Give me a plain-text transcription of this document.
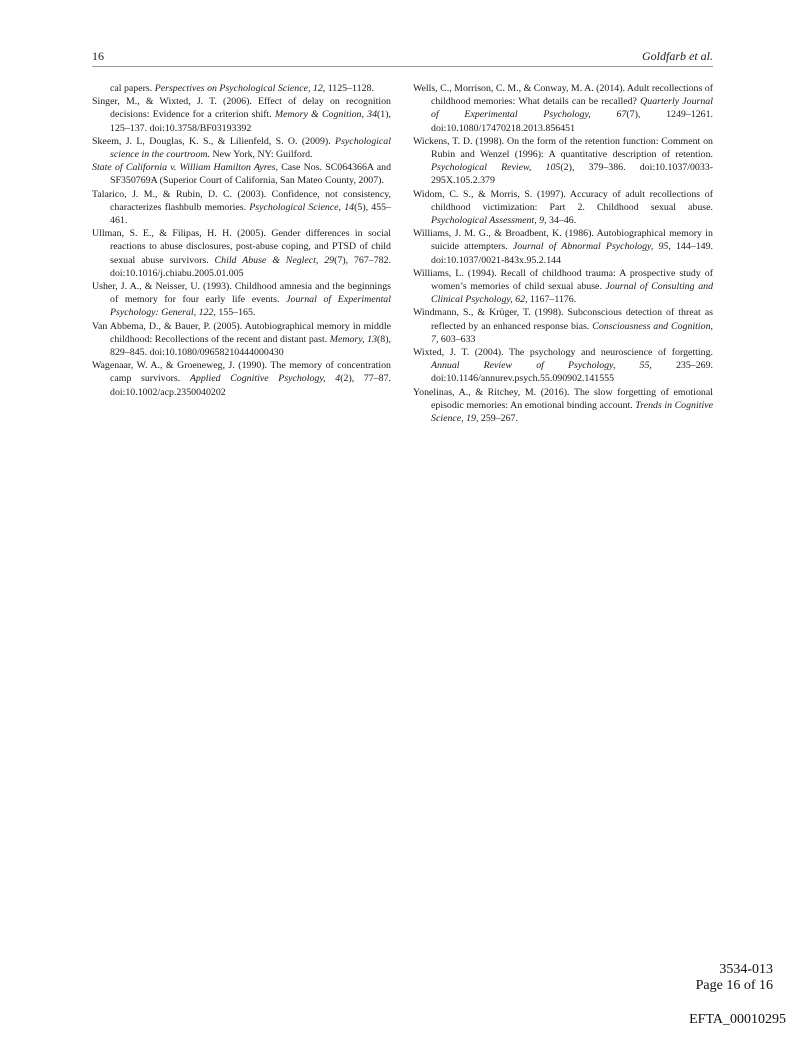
16	Goldfarb et al.
cal papers. Perspectives on Psychological Science, 12, 1125–1128.
Singer, M., & Wixted, J. T. (2006). Effect of delay on recognition decisions: Evidence for a criterion shift. Memory & Cognition, 34(1), 125–137. doi:10.3758/BF03193392
Skeem, J. L, Douglas, K. S., & Lilienfeld, S. O. (2009). Psychological science in the courtroom. New York, NY: Guilford.
State of California v. William Hamilton Ayres, Case Nos. SC064366A and SF350769A (Superior Court of California, San Mateo County, 2007).
Talarico, J. M., & Rubin, D. C. (2003). Confidence, not consistency, characterizes flashbulb memories. Psychological Science, 14(5), 455–461.
Ullman, S. E., & Filipas, H. H. (2005). Gender differences in social reactions to abuse disclosures, post-abuse coping, and PTSD of child sexual abuse survivors. Child Abuse & Neglect, 29(7), 767–782. doi:10.1016/j.chiabu.2005.01.005
Usher, J. A., & Neisser, U. (1993). Childhood amnesia and the beginnings of memory for four early life events. Journal of Experimental Psychology: General, 122, 155–165.
Van Abbema, D., & Bauer, P. (2005). Autobiographical memory in middle childhood: Recollections of the recent and distant past. Memory, 13(8), 829–845. doi:10.1080/09658210444000430
Wagenaar, W. A., & Groeneweg, J. (1990). The memory of concentration camp survivors. Applied Cognitive Psychology, 4(2), 77–87. doi:10.1002/acp.2350040202
Wells, C., Morrison, C. M., & Conway, M. A. (2014). Adult recollections of childhood memories: What details can be recalled? Quarterly Journal of Experimental Psychology, 67(7), 1249–1261. doi:10.1080/17470218.2013.856451
Wickens, T. D. (1998). On the form of the retention function: Comment on Rubin and Wenzel (1996): A quantitative description of retention. Psychological Review, 105(2), 379–386. doi:10.1037/0033-295X.105.2.379
Widom, C. S., & Morris, S. (1997). Accuracy of adult recollections of childhood victimization: Part 2. Childhood sexual abuse. Psychological Assessment, 9, 34–46.
Williams, J. M. G., & Broadbent, K. (1986). Autobiographical memory in suicide attempters. Journal of Abnormal Psychology, 95, 144–149. doi:10.1037/0021-843x.95.2.144
Williams, L. (1994). Recall of childhood trauma: A prospective study of women’s memories of child sexual abuse. Journal of Consulting and Clinical Psychology, 62, 1167–1176.
Windmann, S., & Krüger, T. (1998). Subconscious detection of threat as reflected by an enhanced response bias. Consciousness and Cognition, 7, 603–633
Wixted, J. T. (2004). The psychology and neuroscience of forgetting. Annual Review of Psychology, 55, 235–269. doi:10.1146/annurev.psych.55.090902.141555
Yonelinas, A., & Ritchey, M. (2016). The slow forgetting of emotional episodic memories: An emotional binding account. Trends in Cognitive Science, 19, 259–267.
3534-013
Page 16 of 16
EFTA_00010295
